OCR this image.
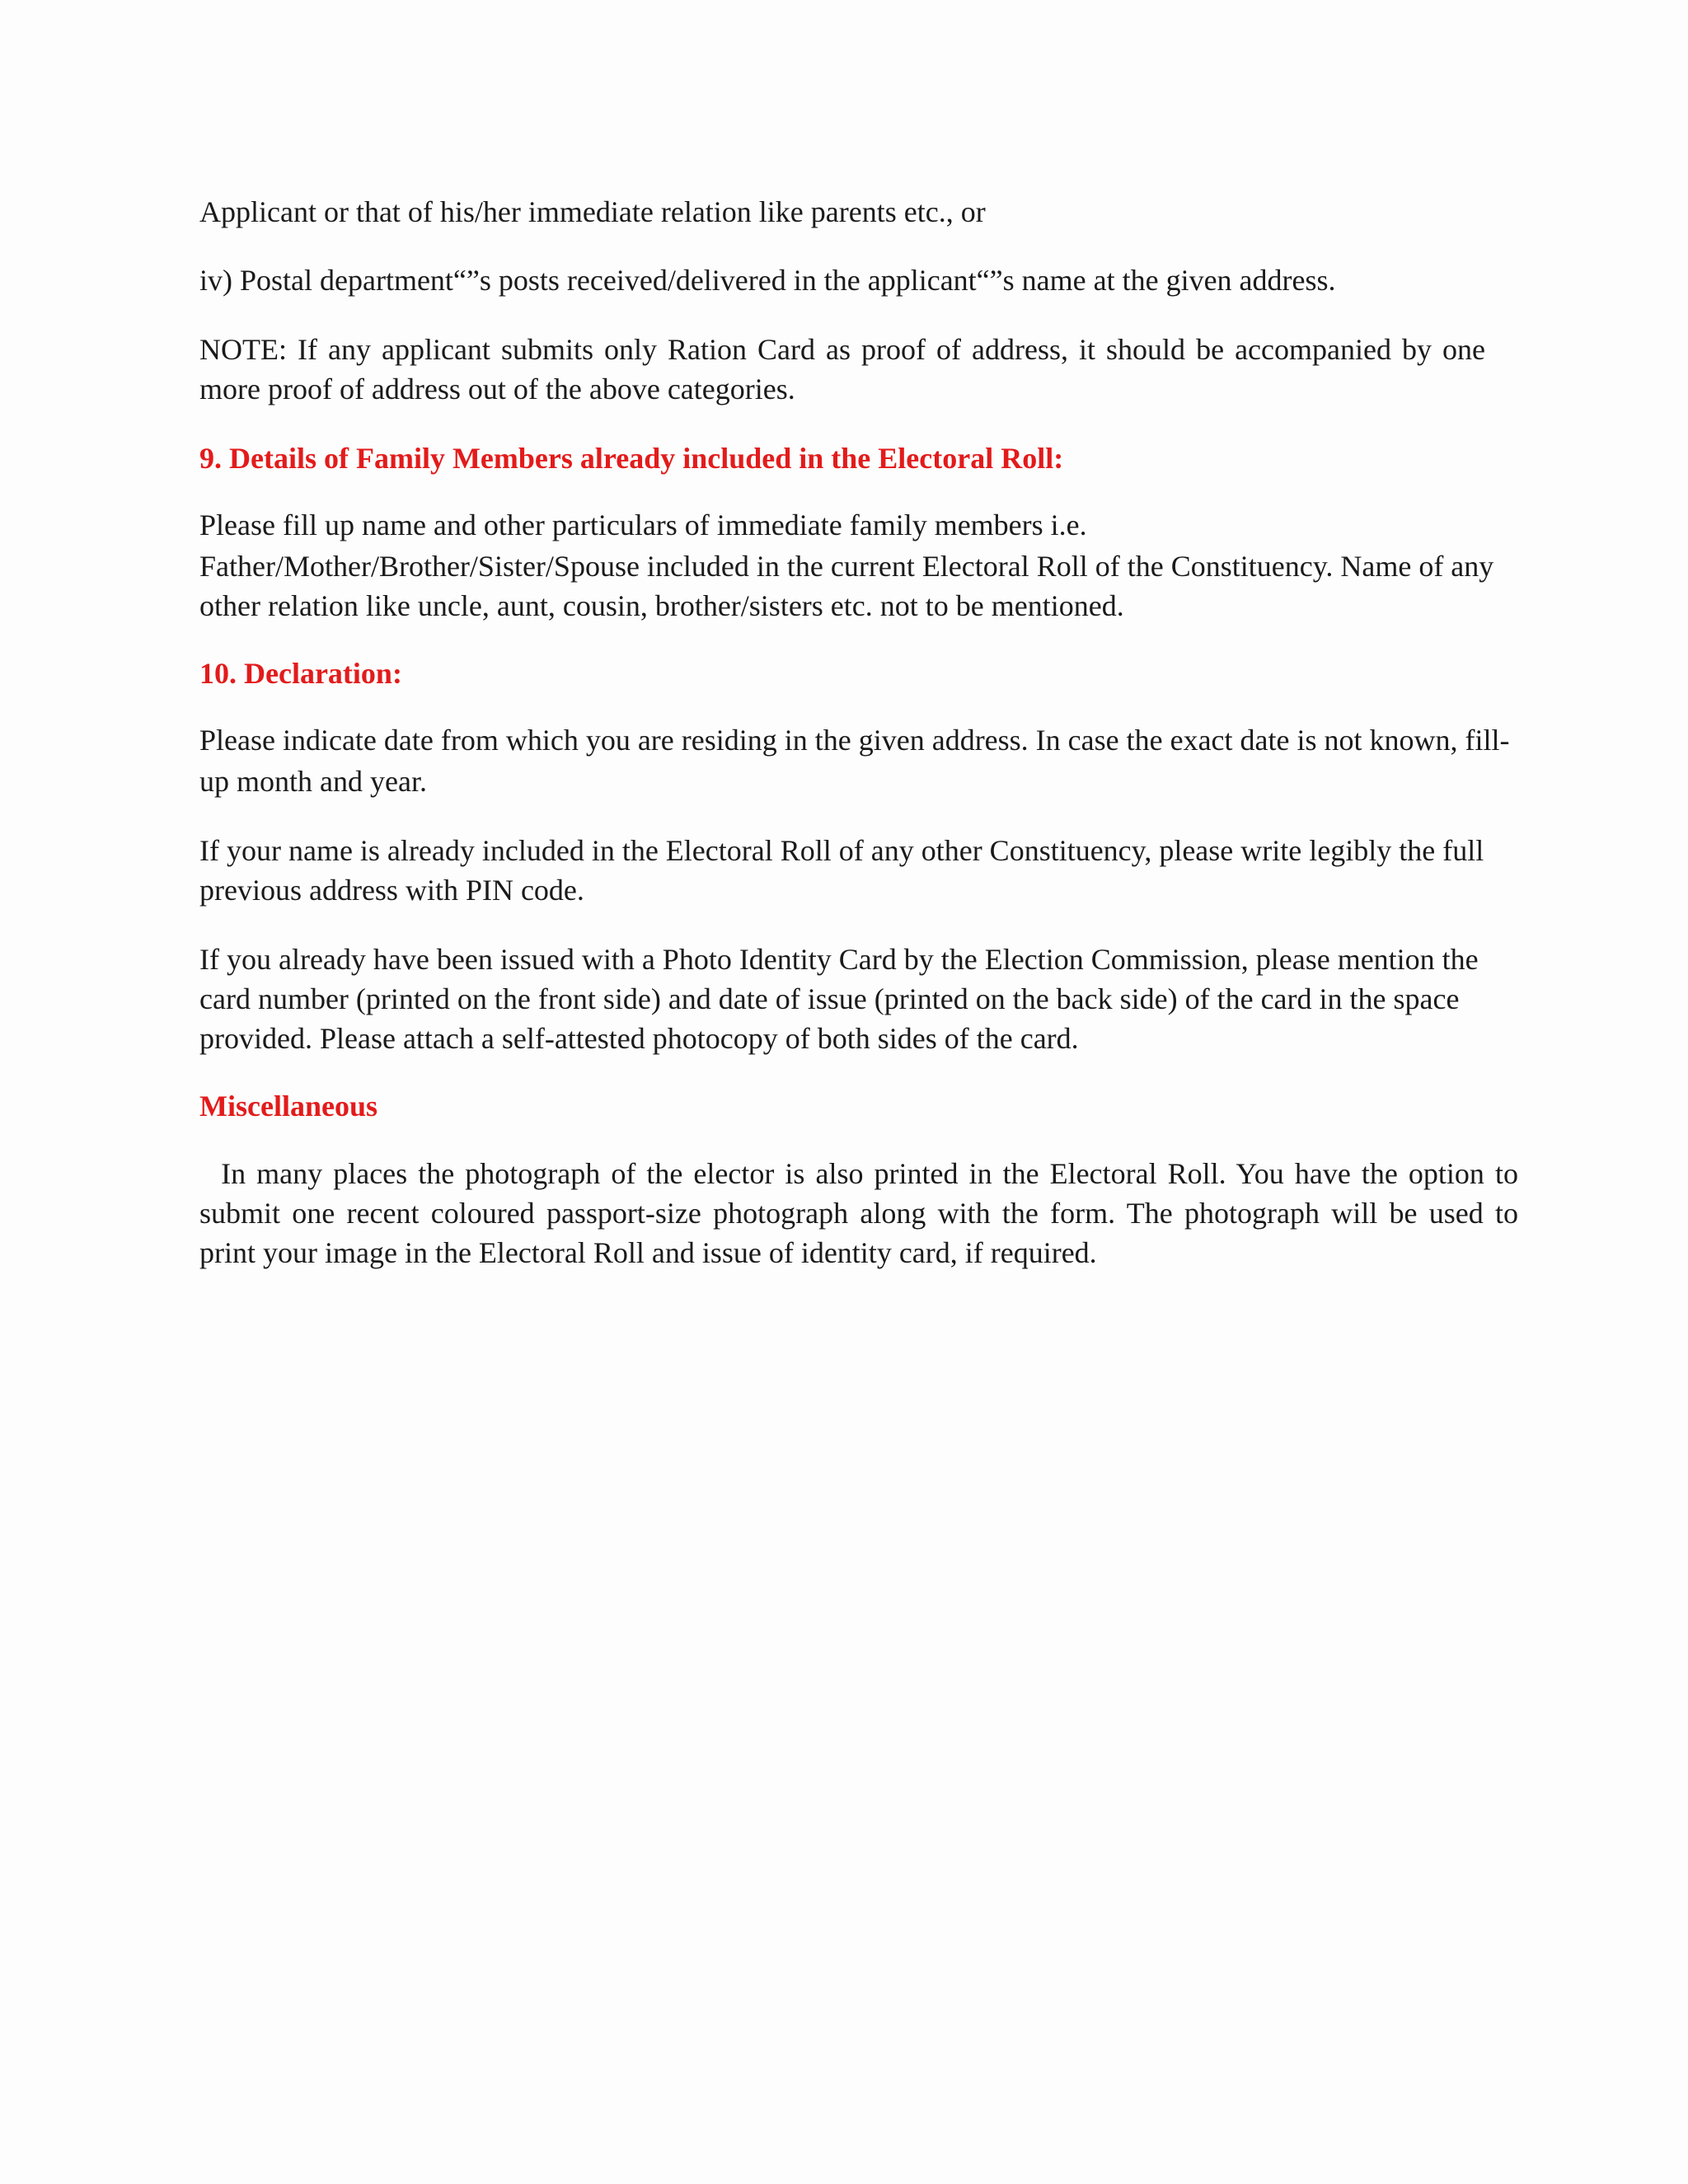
Applicant or that of his/her immediate relation like parents etc., or
iv) Postal department“”s posts received/delivered in the applicant“”s name at the given address.
NOTE: If any applicant submits only Ration Card as proof of address, it should be accompanied by one
more proof of address out of the above categories.
9. Details of Family Members already included in the Electoral Roll:
Please fill up name and other particulars of immediate family members i.e.
Father/Mother/Brother/Sister/Spouse included in the current Electoral Roll of the Constituency. Name of any
other relation like uncle, aunt, cousin, brother/sisters etc. not to be mentioned.
10. Declaration:
Please indicate date from which you are residing in the given address. In case the exact date is not known, fill-
up month and year.
If your name is already included in the Electoral Roll of any other Constituency, please write legibly the full
previous address with PIN code.
If you already have been issued with a Photo Identity Card by the Election Commission, please mention the
card number (printed on the front side) and date of issue (printed on the back side) of the card in the space
provided. Please attach a self-attested photocopy of both sides of the card.
Miscellaneous
In many places the photograph of the elector is also printed in the Electoral Roll. You have the option to
submit one recent coloured passport-size photograph along with the form. The photograph will be used to
print your image in the Electoral Roll and issue of identity card, if required.
